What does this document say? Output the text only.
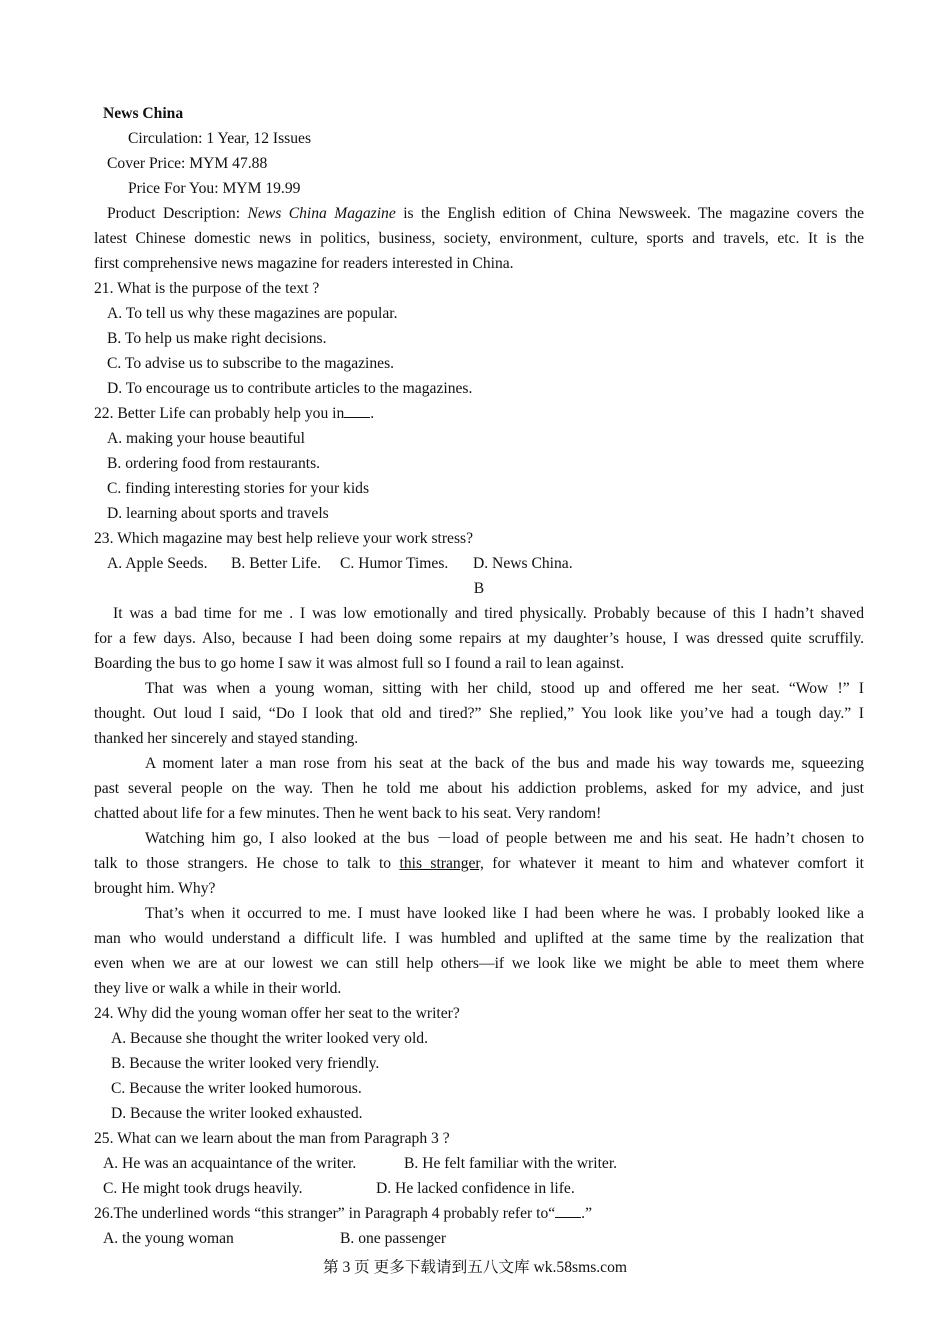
News China
Circulation: 1 Year, 12 Issues
Cover Price: MYM 47.88
Price For You: MYM 19.99
Product Description: News China Magazine is the English edition of China Newsweek. The magazine covers the
latest Chinese domestic news in politics, business, society, environment, culture, sports and travels, etc. It is the
first comprehensive news magazine for readers interested in China.
21. What is the purpose of the text ?
A. To tell us why these magazines are popular.
B. To help us make right decisions.
C. To advise us to subscribe to the magazines.
D. To encourage us to contribute articles to the magazines.
22. Better Life can probably help you in .
A. making your house beautiful
B. ordering food from restaurants.
C. finding interesting stories for your kids
D. learning about sports and travels
23. Which magazine may best help relieve your work stress?
A. Apple Seeds. B. Better Life. C. Humor Times. D. News China.
B
It was a bad time for me . I was low emotionally and tired physically. Probably because of this I hadn’t shaved
for a few days. Also, because I had been doing some repairs at my daughter’s house, I was dressed quite scruffily.
Boarding the bus to go home I saw it was almost full so I found a rail to lean against.
That was when a young woman, sitting with her child, stood up and offered me her seat. “Wow !” I
thought. Out loud I said, “Do I look that old and tired?” She replied,” You look like you’ve had a tough day.” I
thanked her sincerely and stayed standing.
A moment later a man rose from his seat at the back of the bus and made his way towards me, squeezing
past several people on the way. Then he told me about his addiction problems, asked for my advice, and just
chatted about life for a few minutes. Then he went back to his seat. Very random!
Watching him go, I also looked at the bus －load of people between me and his seat. He hadn’t chosen to
talk to those strangers. He chose to talk to this stranger, for whatever it meant to him and whatever comfort it
brought him. Why?
That’s when it occurred to me. I must have looked like I had been where he was. I probably looked like a
man who would understand a difficult life. I was humbled and uplifted at the same time by the realization that
even when we are at our lowest we can still help others—if we look like we might be able to meet them where
they live or walk a while in their world.
24. Why did the young woman offer her seat to the writer?
A. Because she thought the writer looked very old.
B. Because the writer looked very friendly.
C. Because the writer looked humorous.
D. Because the writer looked exhausted.
25. What can we learn about the man from Paragraph 3 ?
A. He was an acquaintance of the writer.	B. He felt familiar with the writer.
C. He might took drugs heavily.	D. He lacked confidence in life.
26.The underlined words “this stranger” in Paragraph 4 probably refer to“ .”
A. the young woman	B. one passenger
第 3 页 更多下载请到五八文库 wk.58sms.com
